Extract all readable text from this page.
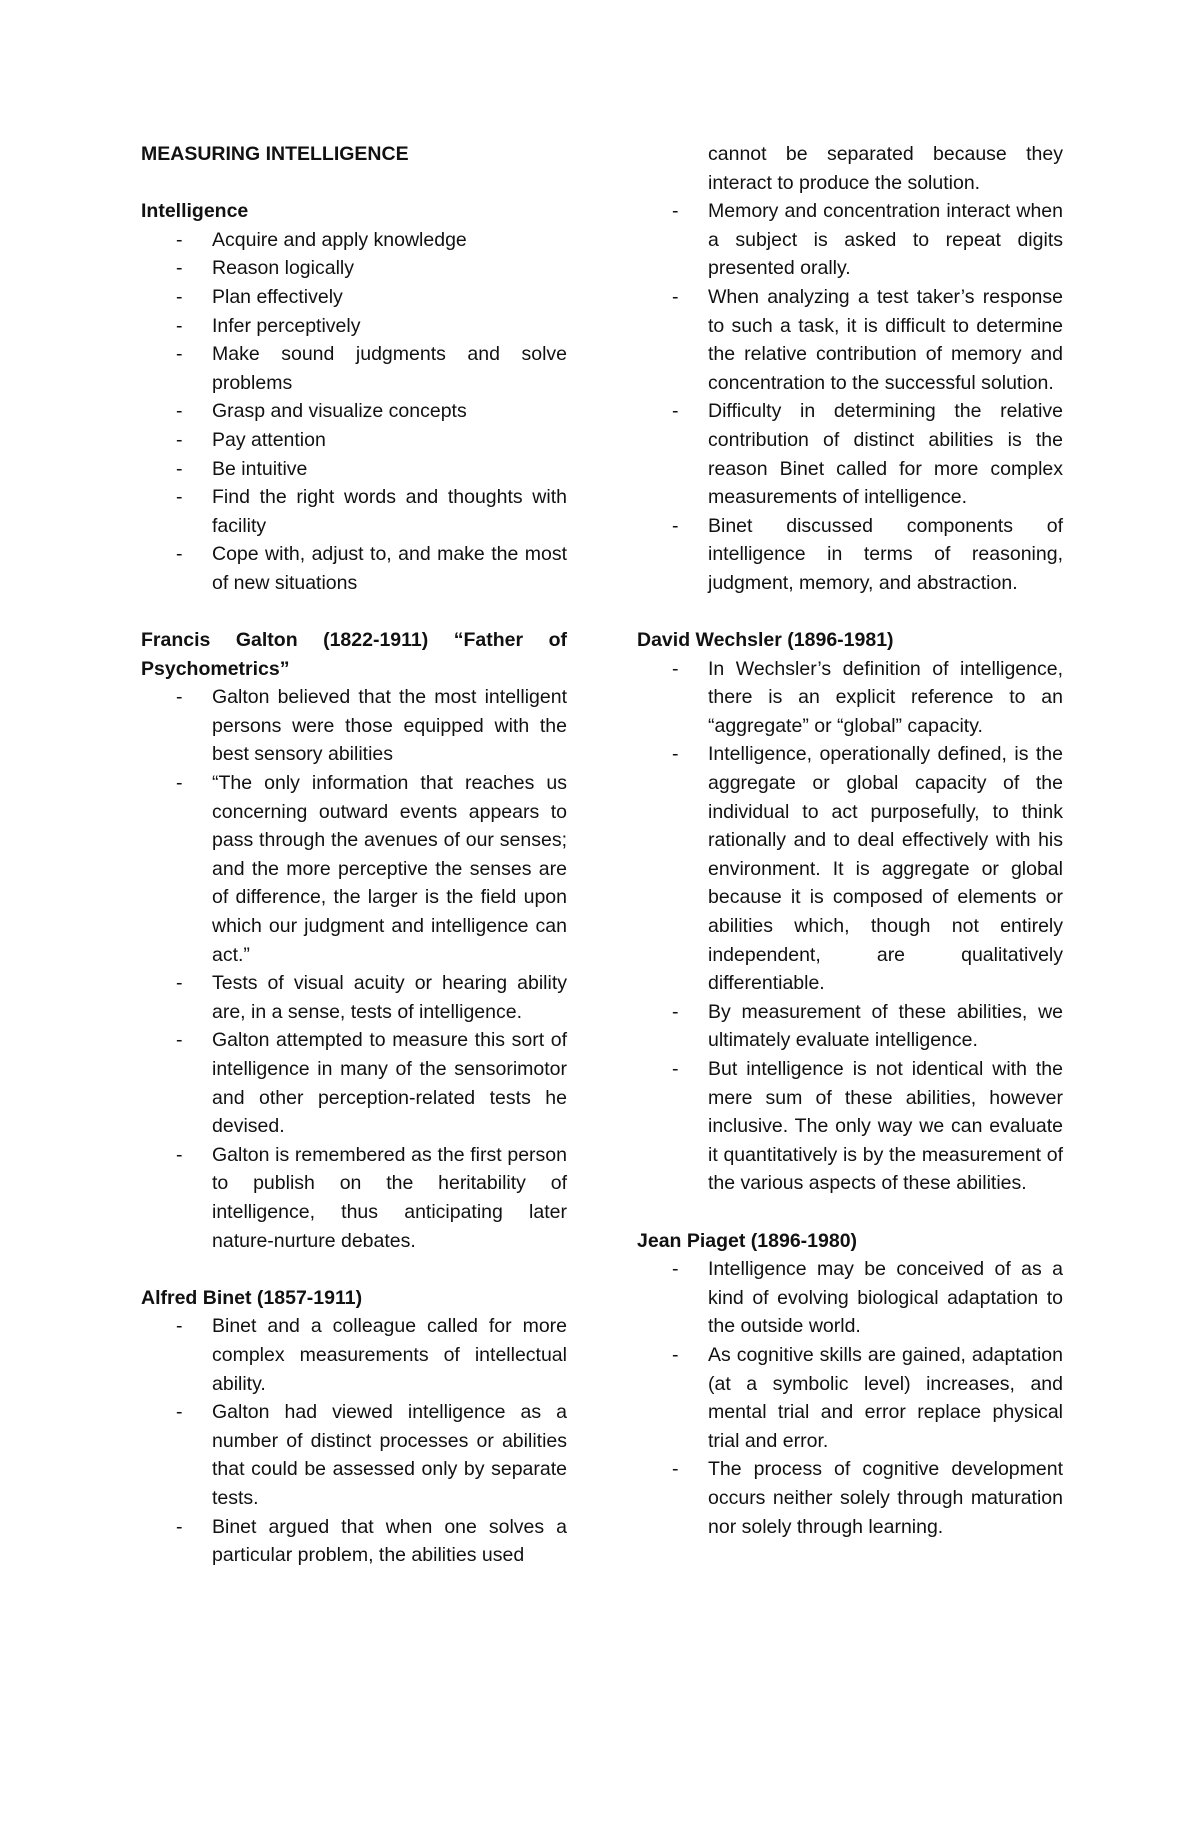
MEASURING INTELLIGENCE
Intelligence
- Acquire and apply knowledge
- Reason logically
- Plan effectively
- Infer perceptively
- Make sound judgments and solve problems
- Grasp and visualize concepts
- Pay attention
- Be intuitive
- Find the right words and thoughts with facility
- Cope with, adjust to, and make the most of new situations
Francis Galton (1822-1911) “Father of Psychometrics”
- Galton believed that the most intelligent persons were those equipped with the best sensory abilities
- “The only information that reaches us concerning outward events appears to pass through the avenues of our senses; and the more perceptive the senses are of difference, the larger is the field upon which our judgment and intelligence can act.”
- Tests of visual acuity or hearing ability are, in a sense, tests of intelligence.
- Galton attempted to measure this sort of intelligence in many of the sensorimotor and other perception-related tests he devised.
- Galton is remembered as the first person to publish on the heritability of intelligence, thus anticipating later nature-nurture debates.
Alfred Binet (1857-1911)
- Binet and a colleague called for more complex measurements of intellectual ability.
- Galton had viewed intelligence as a number of distinct processes or abilities that could be assessed only by separate tests.
- Binet argued that when one solves a particular problem, the abilities used
cannot be separated because they interact to produce the solution.
- Memory and concentration interact when a subject is asked to repeat digits presented orally.
- When analyzing a test taker’s response to such a task, it is difficult to determine the relative contribution of memory and concentration to the successful solution.
- Difficulty in determining the relative contribution of distinct abilities is the reason Binet called for more complex measurements of intelligence.
- Binet discussed components of intelligence in terms of reasoning, judgment, memory, and abstraction.
David Wechsler (1896-1981)
- In Wechsler’s definition of intelligence, there is an explicit reference to an “aggregate” or “global” capacity.
- Intelligence, operationally defined, is the aggregate or global capacity of the individual to act purposefully, to think rationally and to deal effectively with his environment. It is aggregate or global because it is composed of elements or abilities which, though not entirely independent, are qualitatively differentiable.
- By measurement of these abilities, we ultimately evaluate intelligence.
- But intelligence is not identical with the mere sum of these abilities, however inclusive. The only way we can evaluate it quantitatively is by the measurement of the various aspects of these abilities.
Jean Piaget (1896-1980)
- Intelligence may be conceived of as a kind of evolving biological adaptation to the outside world.
- As cognitive skills are gained, adaptation (at a symbolic level) increases, and mental trial and error replace physical trial and error.
- The process of cognitive development occurs neither solely through maturation nor solely through learning.
